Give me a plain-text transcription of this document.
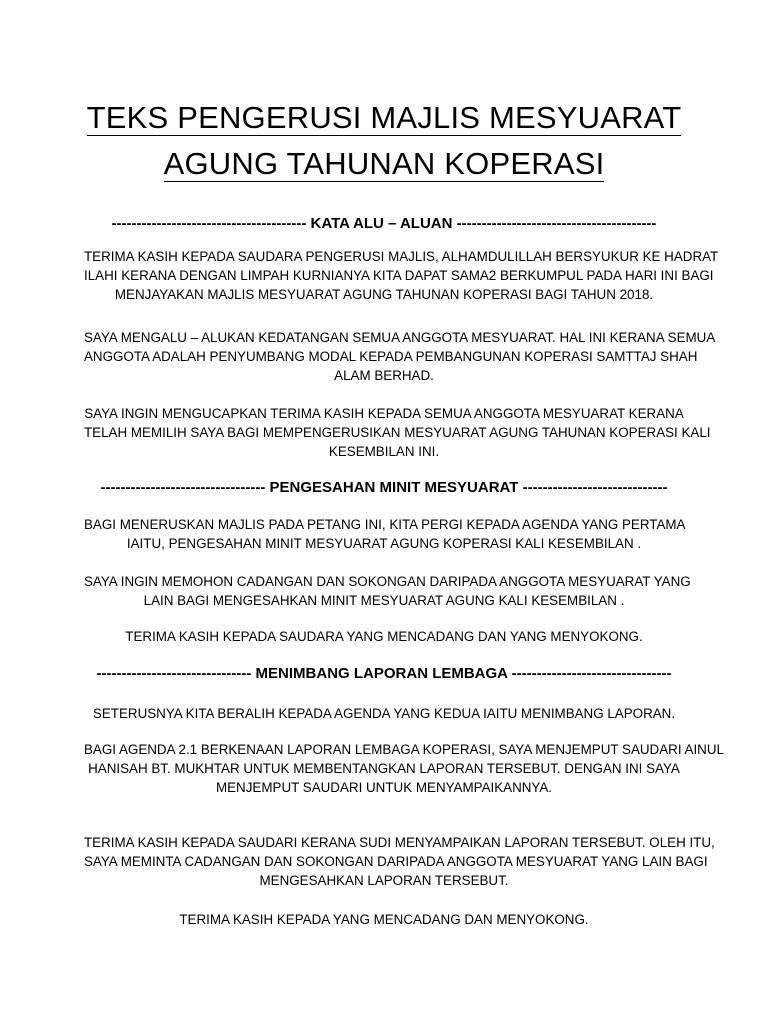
TEKS PENGERUSI MAJLIS MESYUARAT
AGUNG TAHUNAN KOPERASI
--------------------------------------- KATA ALU – ALUAN ----------------------------------------

TERIMA KASIH KEPADA SAUDARA PENGERUSI MAJLIS, ALHAMDULILLAH BERSYUKUR KE HADRAT
ILAHI KERANA DENGAN LIMPAH KURNIANYA KITA DAPAT SAMA2 BERKUMPUL PADA HARI INI BAGI
MENJAYAKAN MAJLIS MESYUARAT AGUNG TAHUNAN KOPERASI BAGI TAHUN 2018.

SAYA MENGALU – ALUKAN KEDATANGAN SEMUA ANGGOTA MESYUARAT. HAL INI KERANA SEMUA
ANGGOTA ADALAH PENYUMBANG MODAL KEPADA PEMBANGUNAN KOPERASI SAMTTAJ SHAH
ALAM BERHAD.

SAYA INGIN MENGUCAPKAN TERIMA KASIH KEPADA SEMUA ANGGOTA MESYUARAT KERANA
TELAH MEMILIH SAYA BAGI MEMPENGERUSIKAN MESYUARAT AGUNG TAHUNAN KOPERASI KALI
KESEMBILAN INI.

--------------------------------- PENGESAHAN MINIT MESYUARAT -----------------------------

BAGI MENERUSKAN MAJLIS PADA PETANG INI, KITA PERGI KEPADA AGENDA YANG PERTAMA
IAITU, PENGESAHAN MINIT MESYUARAT AGUNG KOPERASI KALI KESEMBILAN .

SAYA INGIN MEMOHON CADANGAN DAN SOKONGAN DARIPADA ANGGOTA MESYUARAT YANG
LAIN BAGI MENGESAHKAN MINIT MESYUARAT AGUNG KALI KESEMBILAN .

TERIMA KASIH KEPADA SAUDARA YANG MENCADANG DAN YANG MENYOKONG.

------------------------------- MENIMBANG LAPORAN LEMBAGA --------------------------------

SETERUSNYA KITA BERALIH KEPADA AGENDA YANG KEDUA IAITU MENIMBANG LAPORAN.

BAGI AGENDA 2.1 BERKENAAN LAPORAN LEMBAGA KOPERASI, SAYA MENJEMPUT SAUDARI AINUL
HANISAH BT. MUKHTAR UNTUK MEMBENTANGKAN LAPORAN TERSEBUT. DENGAN INI SAYA
MENJEMPUT SAUDARI UNTUK MENYAMPAIKANNYA.

TERIMA KASIH KEPADA SAUDARI KERANA SUDI MENYAMPAIKAN LAPORAN TERSEBUT. OLEH ITU,
SAYA MEMINTA CADANGAN DAN SOKONGAN DARIPADA ANGGOTA MESYUARAT YANG LAIN BAGI
MENGESAHKAN LAPORAN TERSEBUT.

TERIMA KASIH KEPADA YANG MENCADANG DAN MENYOKONG.
